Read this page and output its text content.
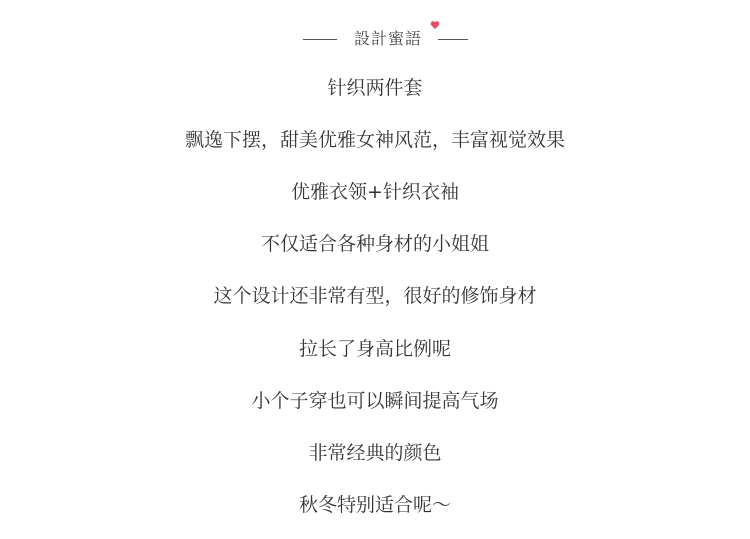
設計蜜語
针织两件套
飘逸下摆，甜美优雅女神风范，丰富视觉效果
优雅衣领+针织衣袖
不仅适合各种身材的小姐姐
这个设计还非常有型，很好的修饰身材
拉长了身高比例呢
小个子穿也可以瞬间提高气场
非常经典的颜色
秋冬特别适合呢～
